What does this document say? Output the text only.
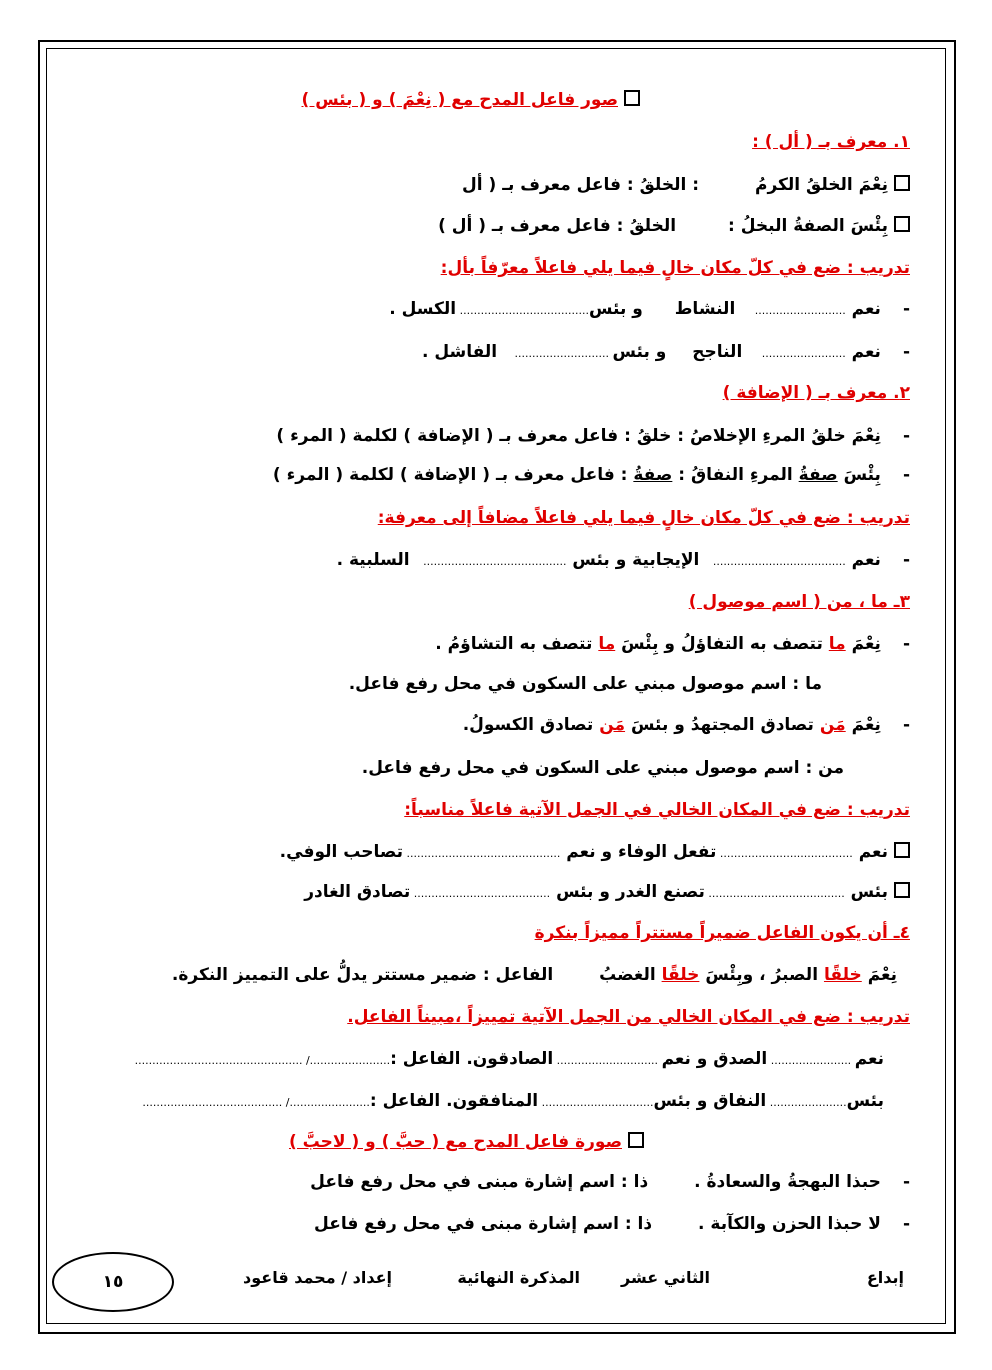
صور فاعل المدح مع ( نِعْمَ ) و ( بئس )
١. معرف بـ ( أل ) :
نِعْمَ الخلقُ الكرمُ : الخلقُ : فاعل معرف بـ ( أل
بِئْسَ الصفةُ البخلُ : الخلقُ : فاعل معرف بـ ( أل )
تدريب : ضع في كلّ مكان خالٍ فيما يلي فاعلاً معرّفاً بأل:
-نعم .......................... النشاط و بئس..................................... الكسل .
-نعم ........................ الناجح و بئس ........................... الفاشل .
٢. معرف بـ ( الإضافة )
-نِعْمَ خلقُ المرءِ الإخلاصُ : خلقُ : فاعل معرف بـ ( الإضافة ) لكلمة ( المرء )
-بِئْسَ صفةُ المرءِ النفاقُ : صفةُ : فاعل معرف بـ ( الإضافة ) لكلمة ( المرء )
تدريب : ضع في كلّ مكان خالٍ فيما يلي فاعلاً مضافاً إلى معرفة:
-نعم ...................................... الإيجابية و بئس ......................................... السلبية .
٣ـ ما ، من ( اسم موصول )
-نِعْمَ ما تتصف به التفاؤلُ و بِئْسَ ما تتصف به التشاؤمُ .
ما : اسم موصول مبني على السكون في محل رفع فاعل.
-نِعْمَ مَن تصادق المجتهدُ و بئسَ مَن تصادق الكسولُ.
من : اسم موصول مبني على السكون في محل رفع فاعل.
تدريب : ضع في المكان الخالي في الجمل الآتية فاعلاً مناسباً:
نعم ...................................... تفعل الوفاء و نعم ............................................ تصاحب الوفي.
بئس ....................................... تصنع الغدر و بئس ....................................... تصادق الغادر
٤ـ أن يكون الفاعل ضميراً مستتراً مميزاً بنكرة
نِعْمَ خلقًا الصبرُ ، وبِئْسَ خلقًا الغضبُ الفاعل : ضمير مستتر يدلُّ على التمييز النكرة.
تدريب : ضع في المكان الخالي من الجمل الآتية تمييزاً ،مبيناً الفاعل.
نعم ....................... الصدق و نعم ............................. الصادقون. الفاعل :......................./ ................................................
بئس...................... النفاق و بئس................................ المنافقون. الفاعل :......................./ ........................................
صورة فاعل المدح مع ( حبَّ ) و ( لاحبَّ )
-حبذا البهجةُ والسعادةُ . ذا : اسم إشارة مبنى في محل رفع فاعل
-لا حبذا الحزن والكآبة . ذا : اسم إشارة مبنى في محل رفع فاعل
إبداع
الثاني عشر
المذكرة النهائية
إعداد / محمد قاعود
١٥
